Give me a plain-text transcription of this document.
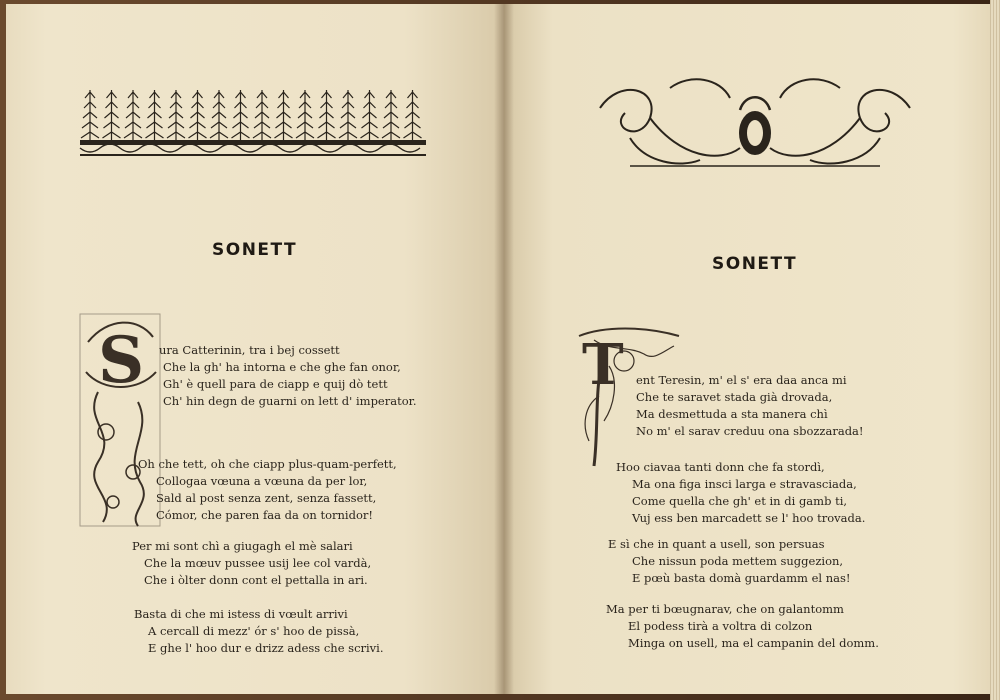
SONETT
S ura Catterinin, tra i bej cossett
Che la gh' ha intorna e che ghe fan onor,
Gh' è quell para de ciapp e quij dò tett
Ch' hin degn de guarni on lett d' imperator.
Oh che tett, oh che ciapp plus-quam-perfett,
Collogaa vœuna a vœuna da per lor,
Sald al post senza zent, senza fassett,
Cómor, che paren faa da on tornidor!
Per mi sont chì a giugagh el mè salari
Che la mœuv pussee usij lee col vardà,
Che i òlter donn cont el pettalla in ari.
Basta di che mi istess di vœult arrivi
A cercall di mezz' ór s' hoo de pissà,
E ghe l' hoo dur e drizz adess che scrivi.
SONETT
T ent Teresin, m' el s' era daa anca mi
Che te saravet stada già drovada,
Ma desmettuda a sta manera chì
No m' el sarav creduu ona sbozzarada!
Hoo ciavaa tanti donn che fa stordì,
Ma ona figa insci larga e stravasciada,
Come quella che gh' et in di gamb ti,
Vuj ess ben marcadett se l' hoo trovada.
E sì che in quant a usell, son persuas
Che nissun poda mettem suggezion,
E pœù basta domà guardamm el nas!
Ma per ti bœugnarav, che on galantomm
El podess tirà a voltra di colzon
Minga on usell, ma el campanin del domm.
